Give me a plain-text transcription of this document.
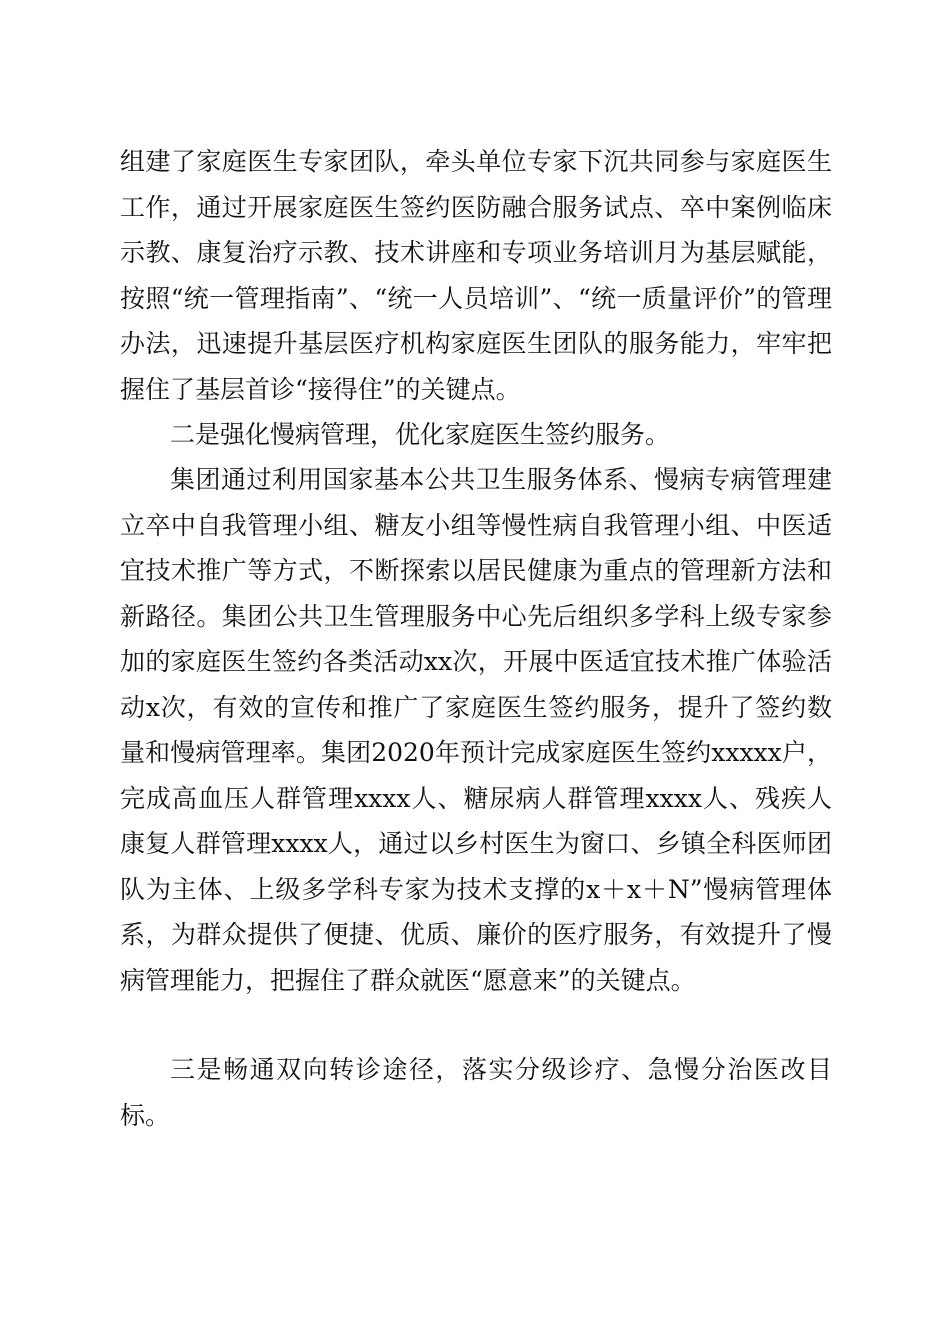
组建了家庭医生专家团队，牵头单位专家下沉共同参与家庭医生工作，通过开展家庭医生签约医防融合服务试点、卒中案例临床示教、康复治疗示教、技术讲座和专项业务培训月为基层赋能，按照“统一管理指南”、“统一人员培训”、“统一质量评价”的管理办法，迅速提升基层医疗机构家庭医生团队的服务能力，牢牢把握住了基层首诊“接得住”的关键点。

二是强化慢病管理，优化家庭医生签约服务。

集团通过利用国家基本公共卫生服务体系、慢病专病管理建立卒中自我管理小组、糖友小组等慢性病自我管理小组、中医适宜技术推广等方式，不断探索以居民健康为重点的管理新方法和新路径。集团公共卫生管理服务中心先后组织多学科上级专家参加的家庭医生签约各类活动xx次，开展中医适宜技术推广体验活动x次，有效的宣传和推广了家庭医生签约服务，提升了签约数量和慢病管理率。集团2020年预计完成家庭医生签约xxxxx户，完成高血压人群管理xxxx人、糖尿病人群管理xxxx人、残疾人康复人群管理xxxx人，通过以乡村医生为窗口、乡镇全科医师团队为主体、上级多学科专家为技术支撑的x＋x＋N”慢病管理体系，为群众提供了便捷、优质、廉价的医疗服务，有效提升了慢病管理能力，把握住了群众就医“愿意来”的关键点。

三是畅通双向转诊途径，落实分级诊疗、急慢分治医改目标。
